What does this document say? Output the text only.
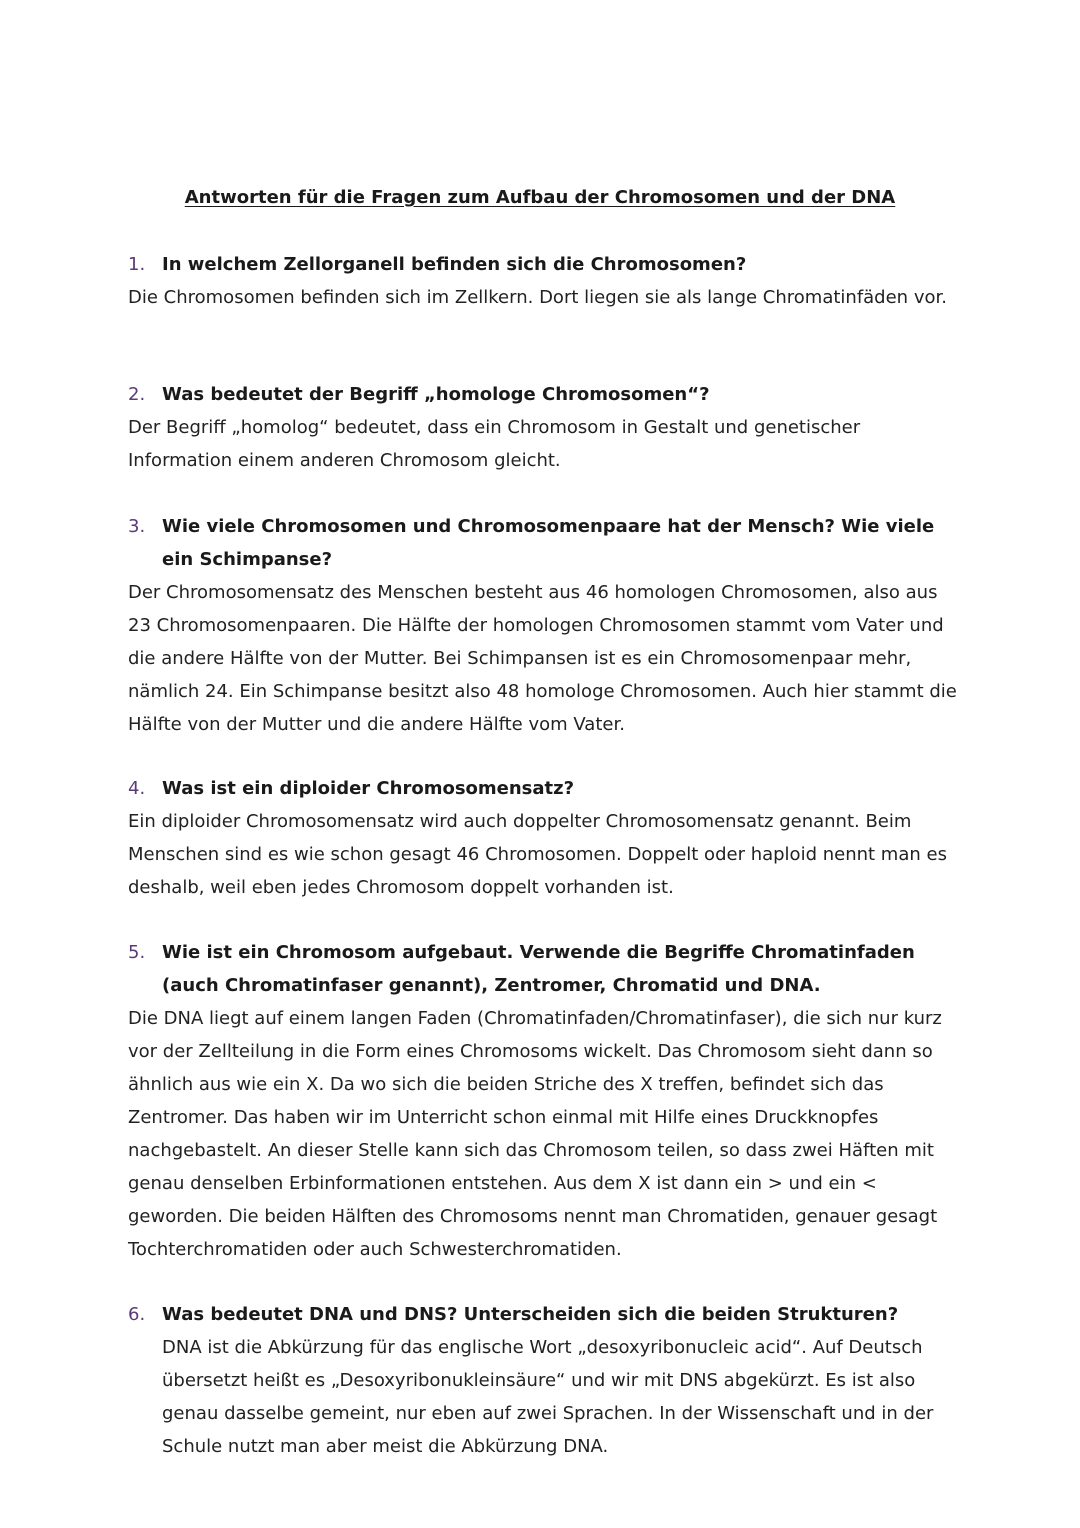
Antworten für die Fragen zum Aufbau der Chromosomen und der DNA
1. In welchem Zellorganell befinden sich die Chromosomen?
Die Chromosomen befinden sich im Zellkern. Dort liegen sie als lange Chromatinfäden vor.
2. Was bedeutet der Begriff „homologe Chromosomen“?
Der Begriff „homolog“ bedeutet, dass ein Chromosom in Gestalt und genetischer Information einem anderen Chromosom gleicht.
3. Wie viele Chromosomen und Chromosomenpaare hat der Mensch? Wie viele ein Schimpanse?
Der Chromosomensatz des Menschen besteht aus 46 homologen Chromosomen, also aus 23 Chromosomenpaaren. Die Hälfte der homologen Chromosomen stammt vom Vater und die andere Hälfte von der Mutter. Bei Schimpansen ist es ein Chromosomenpaar mehr, nämlich 24. Ein Schimpanse besitzt also 48 homologe Chromosomen. Auch hier stammt die Hälfte von der Mutter und die andere Hälfte vom Vater.
4. Was ist ein diploider Chromosomensatz?
Ein diploider Chromosomensatz wird auch doppelter Chromosomensatz genannt. Beim Menschen sind es wie schon gesagt 46 Chromosomen. Doppelt oder haploid nennt man es deshalb, weil eben jedes Chromosom doppelt vorhanden ist.
5. Wie ist ein Chromosom aufgebaut. Verwende die Begriffe Chromatinfaden (auch Chromatinfaser genannt), Zentromer, Chromatid und DNA.
Die DNA liegt auf einem langen Faden (Chromatinfaden/Chromatinfaser), die sich nur kurz vor der Zellteilung in die Form eines Chromosoms wickelt. Das Chromosom sieht dann so ähnlich aus wie ein X. Da wo sich die beiden Striche des X treffen, befindet sich das Zentromer. Das haben wir im Unterricht schon einmal mit Hilfe eines Druckknopfes nachgebastelt. An dieser Stelle kann sich das Chromosom teilen, so dass zwei Häften mit genau denselben Erbinformationen entstehen. Aus dem X ist dann ein > und ein < geworden. Die beiden Hälften des Chromosoms nennt man Chromatiden, genauer gesagt Tochterchromatiden oder auch Schwesterchromatiden.
6. Was bedeutet DNA und DNS? Unterscheiden sich die beiden Strukturen?
DNA ist die Abkürzung für das englische Wort „desoxyribonucleic acid“. Auf Deutsch übersetzt heißt es „Desoxyribonukleinsäure“ und wir mit DNS abgekürzt. Es ist also genau dasselbe gemeint, nur eben auf zwei Sprachen. In der Wissenschaft und in der Schule nutzt man aber meist die Abkürzung DNA.
